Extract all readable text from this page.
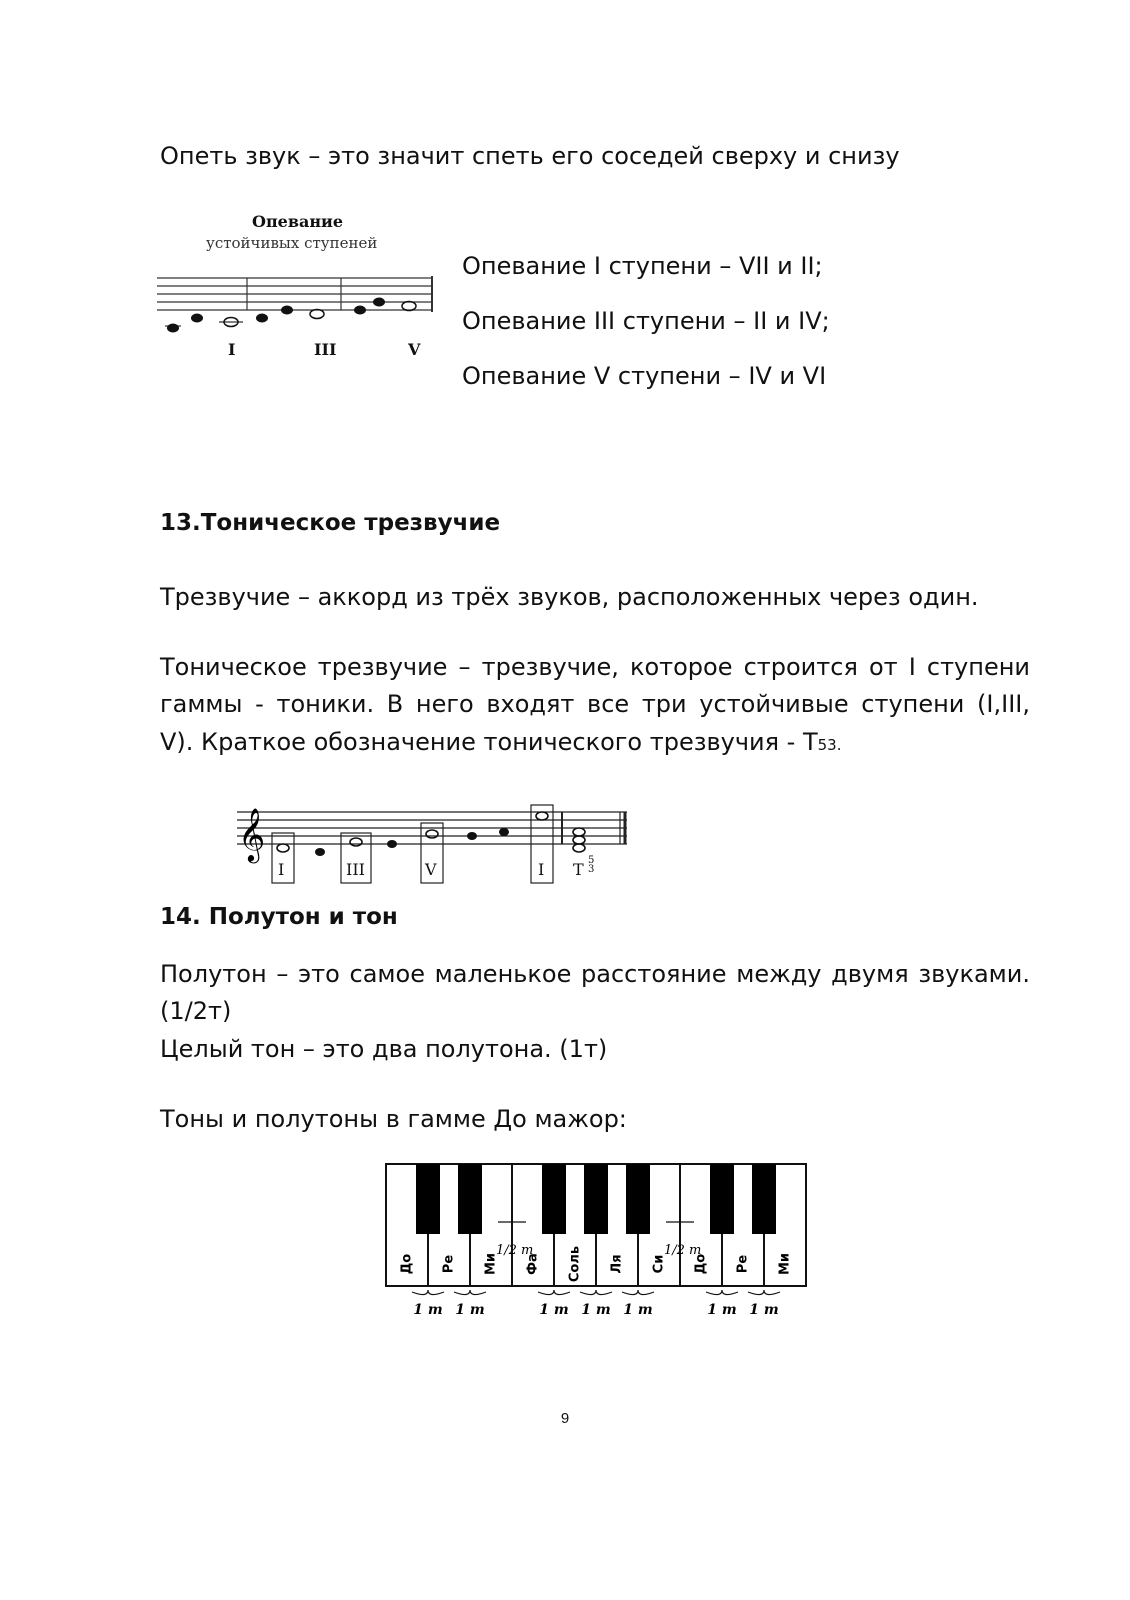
Опеть звук – это значит спеть его соседей сверху и снизу
Опевание
устойчивых ступеней
I	III	V
Опевание I ступени – VII и II;
Опевание III ступени – II и IV;
Опевание V ступени – IV и VI
13.Тоническое трезвучие
Трезвучие – аккорд из трёх звуков, расположенных через один.
Тоническое трезвучие – трезвучие, которое строится от I ступени
гаммы - тоники. В него входят все три устойчивые ступени (I,III,
V). Краткое обозначение тонического трезвучия - T53.
𝄞
I	III	V	I T 5
3
14. Полутон и тон
Полутон – это самое маленькое расстояние между двумя звуками.
(1/2т)
Целый тон – это два полутона. (1т)
Тоны и полутоны в гамме До мажор:
До Ре Ми Фа Соль Ля Си До Ре Ми
1/2 т	1/2 т
1 т 1 т	1 т 1 т 1 т	1 т 1 т
9
